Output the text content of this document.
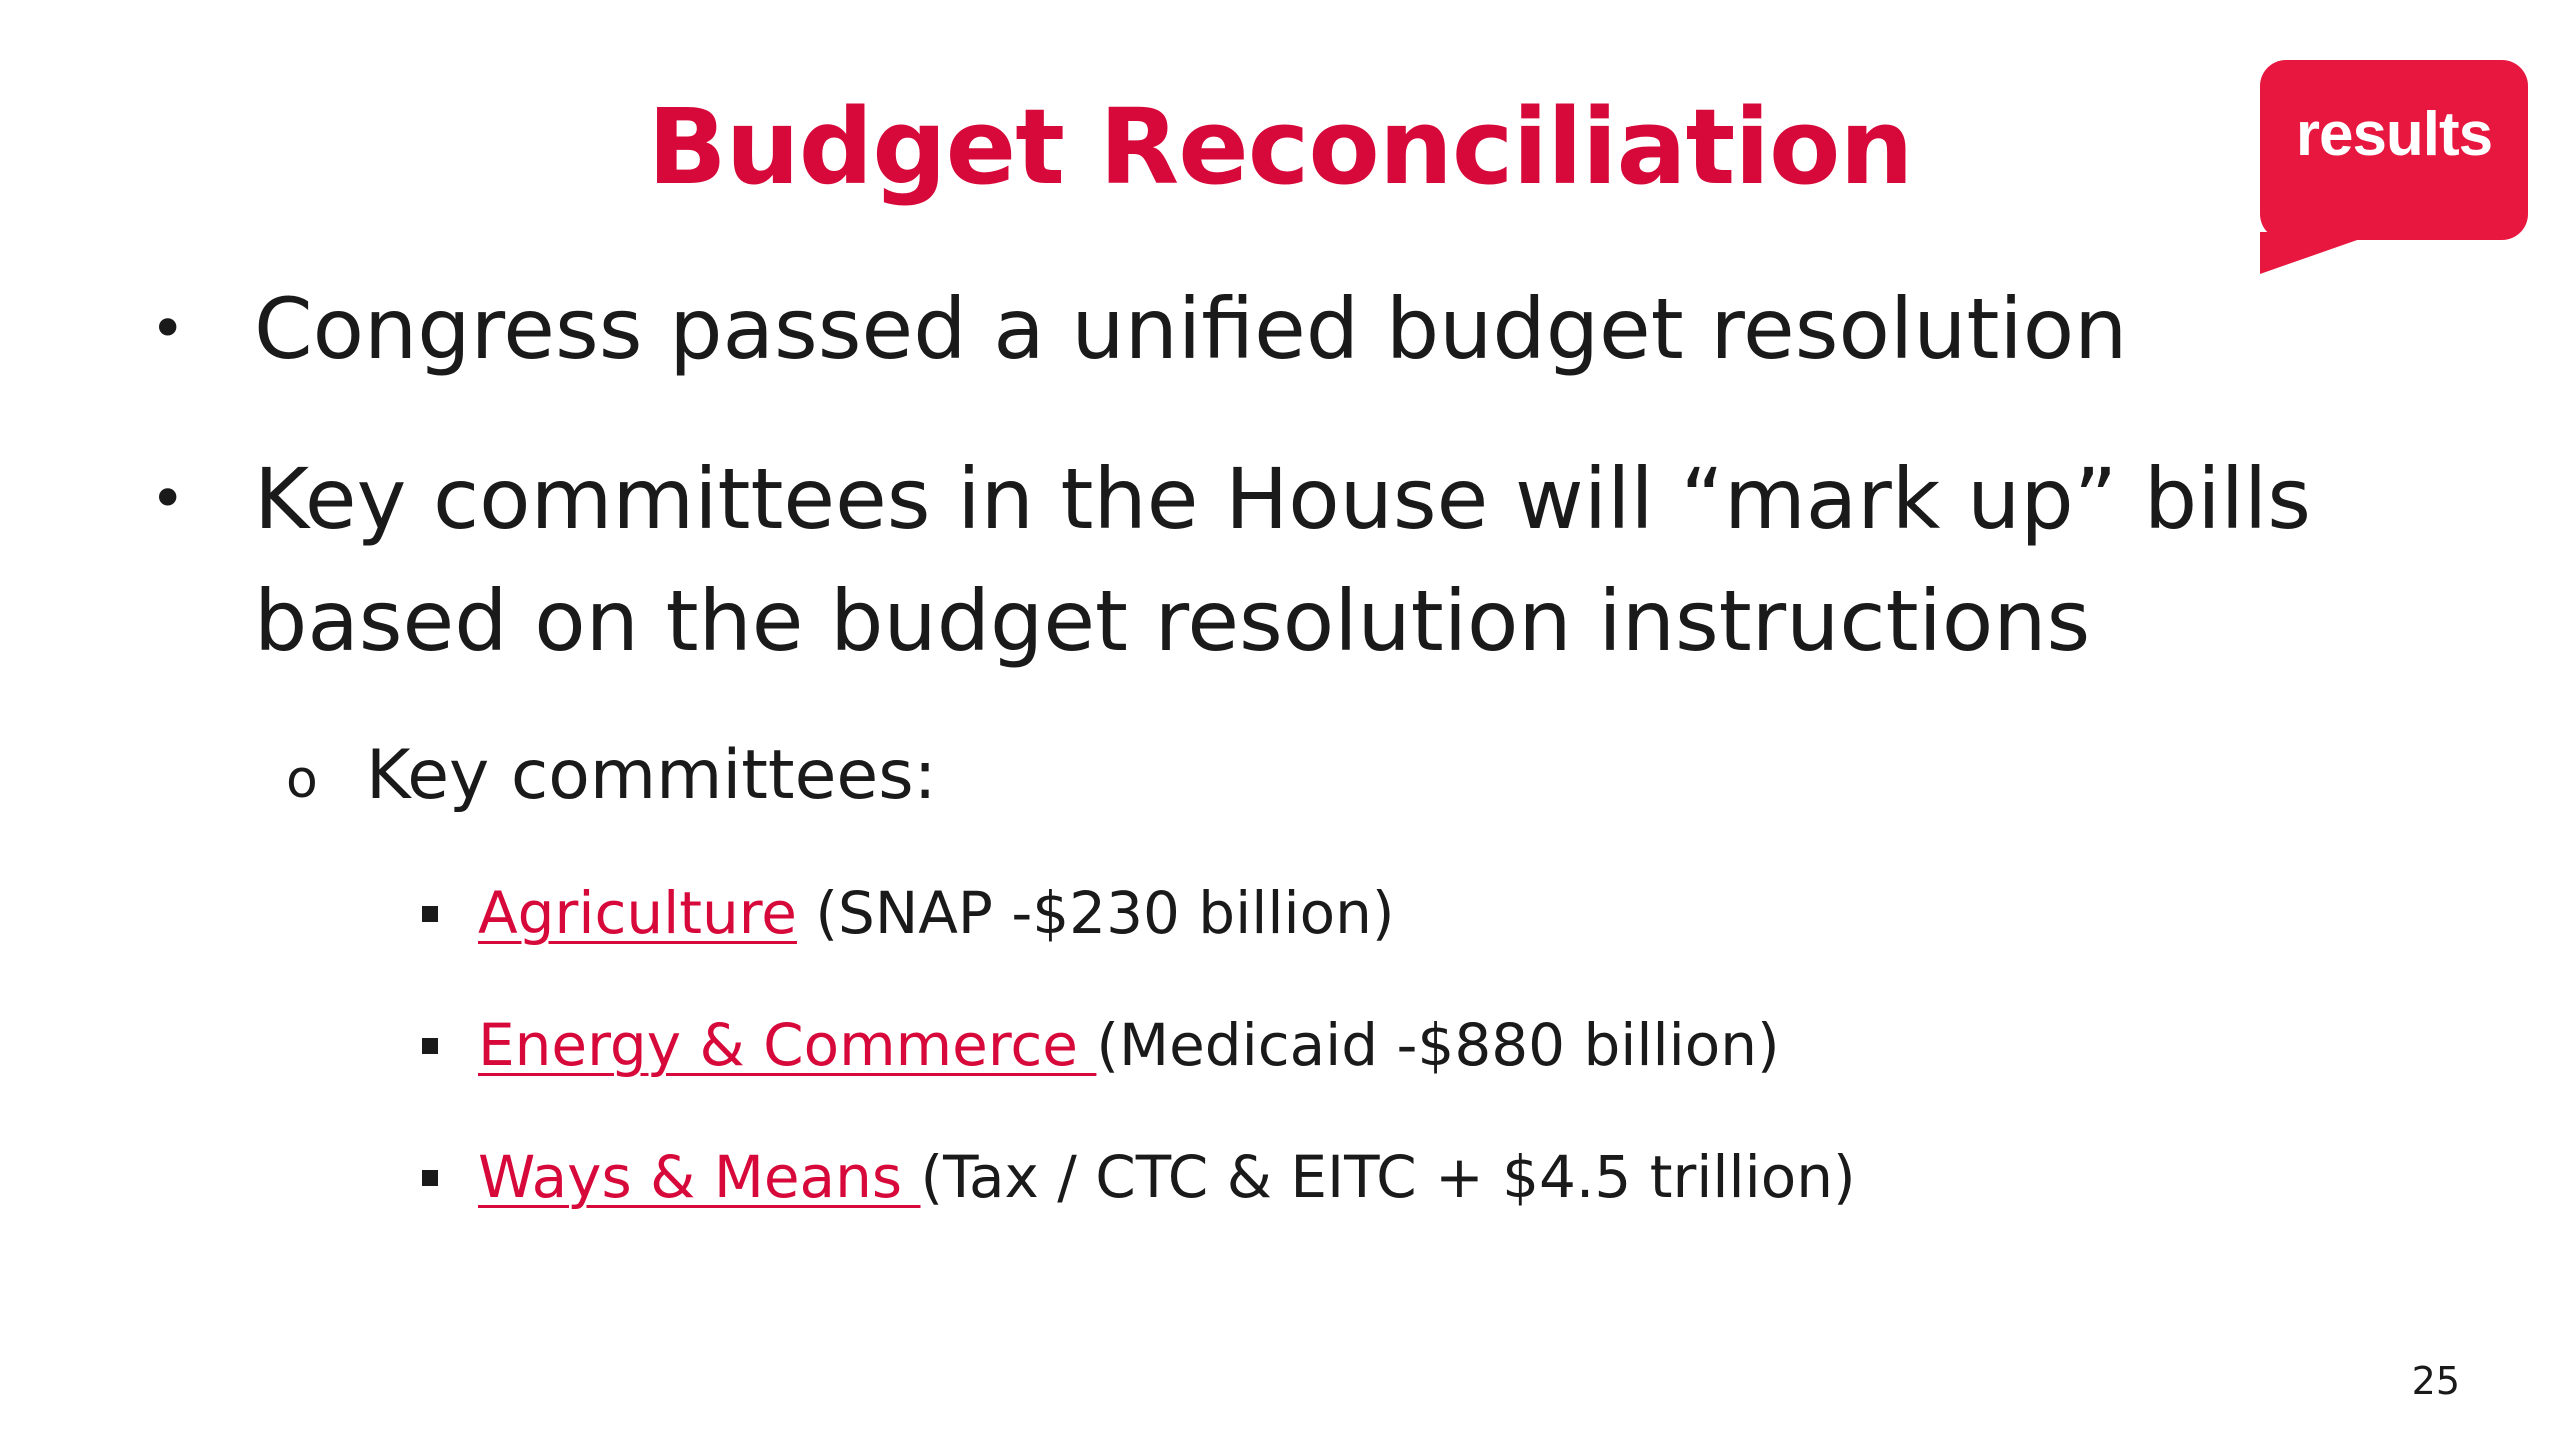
Budget Reconciliation	results
• Congress passed a unified budget resolution
• Key committees in the House will “mark up” bills
based on the budget resolution instructions
o Key committees:
Agriculture (SNAP -$230 billion)
Energy & Commerce (Medicaid -$880 billion)
Ways & Means (Tax / CTC & EITC + $4.5 trillion)
25
